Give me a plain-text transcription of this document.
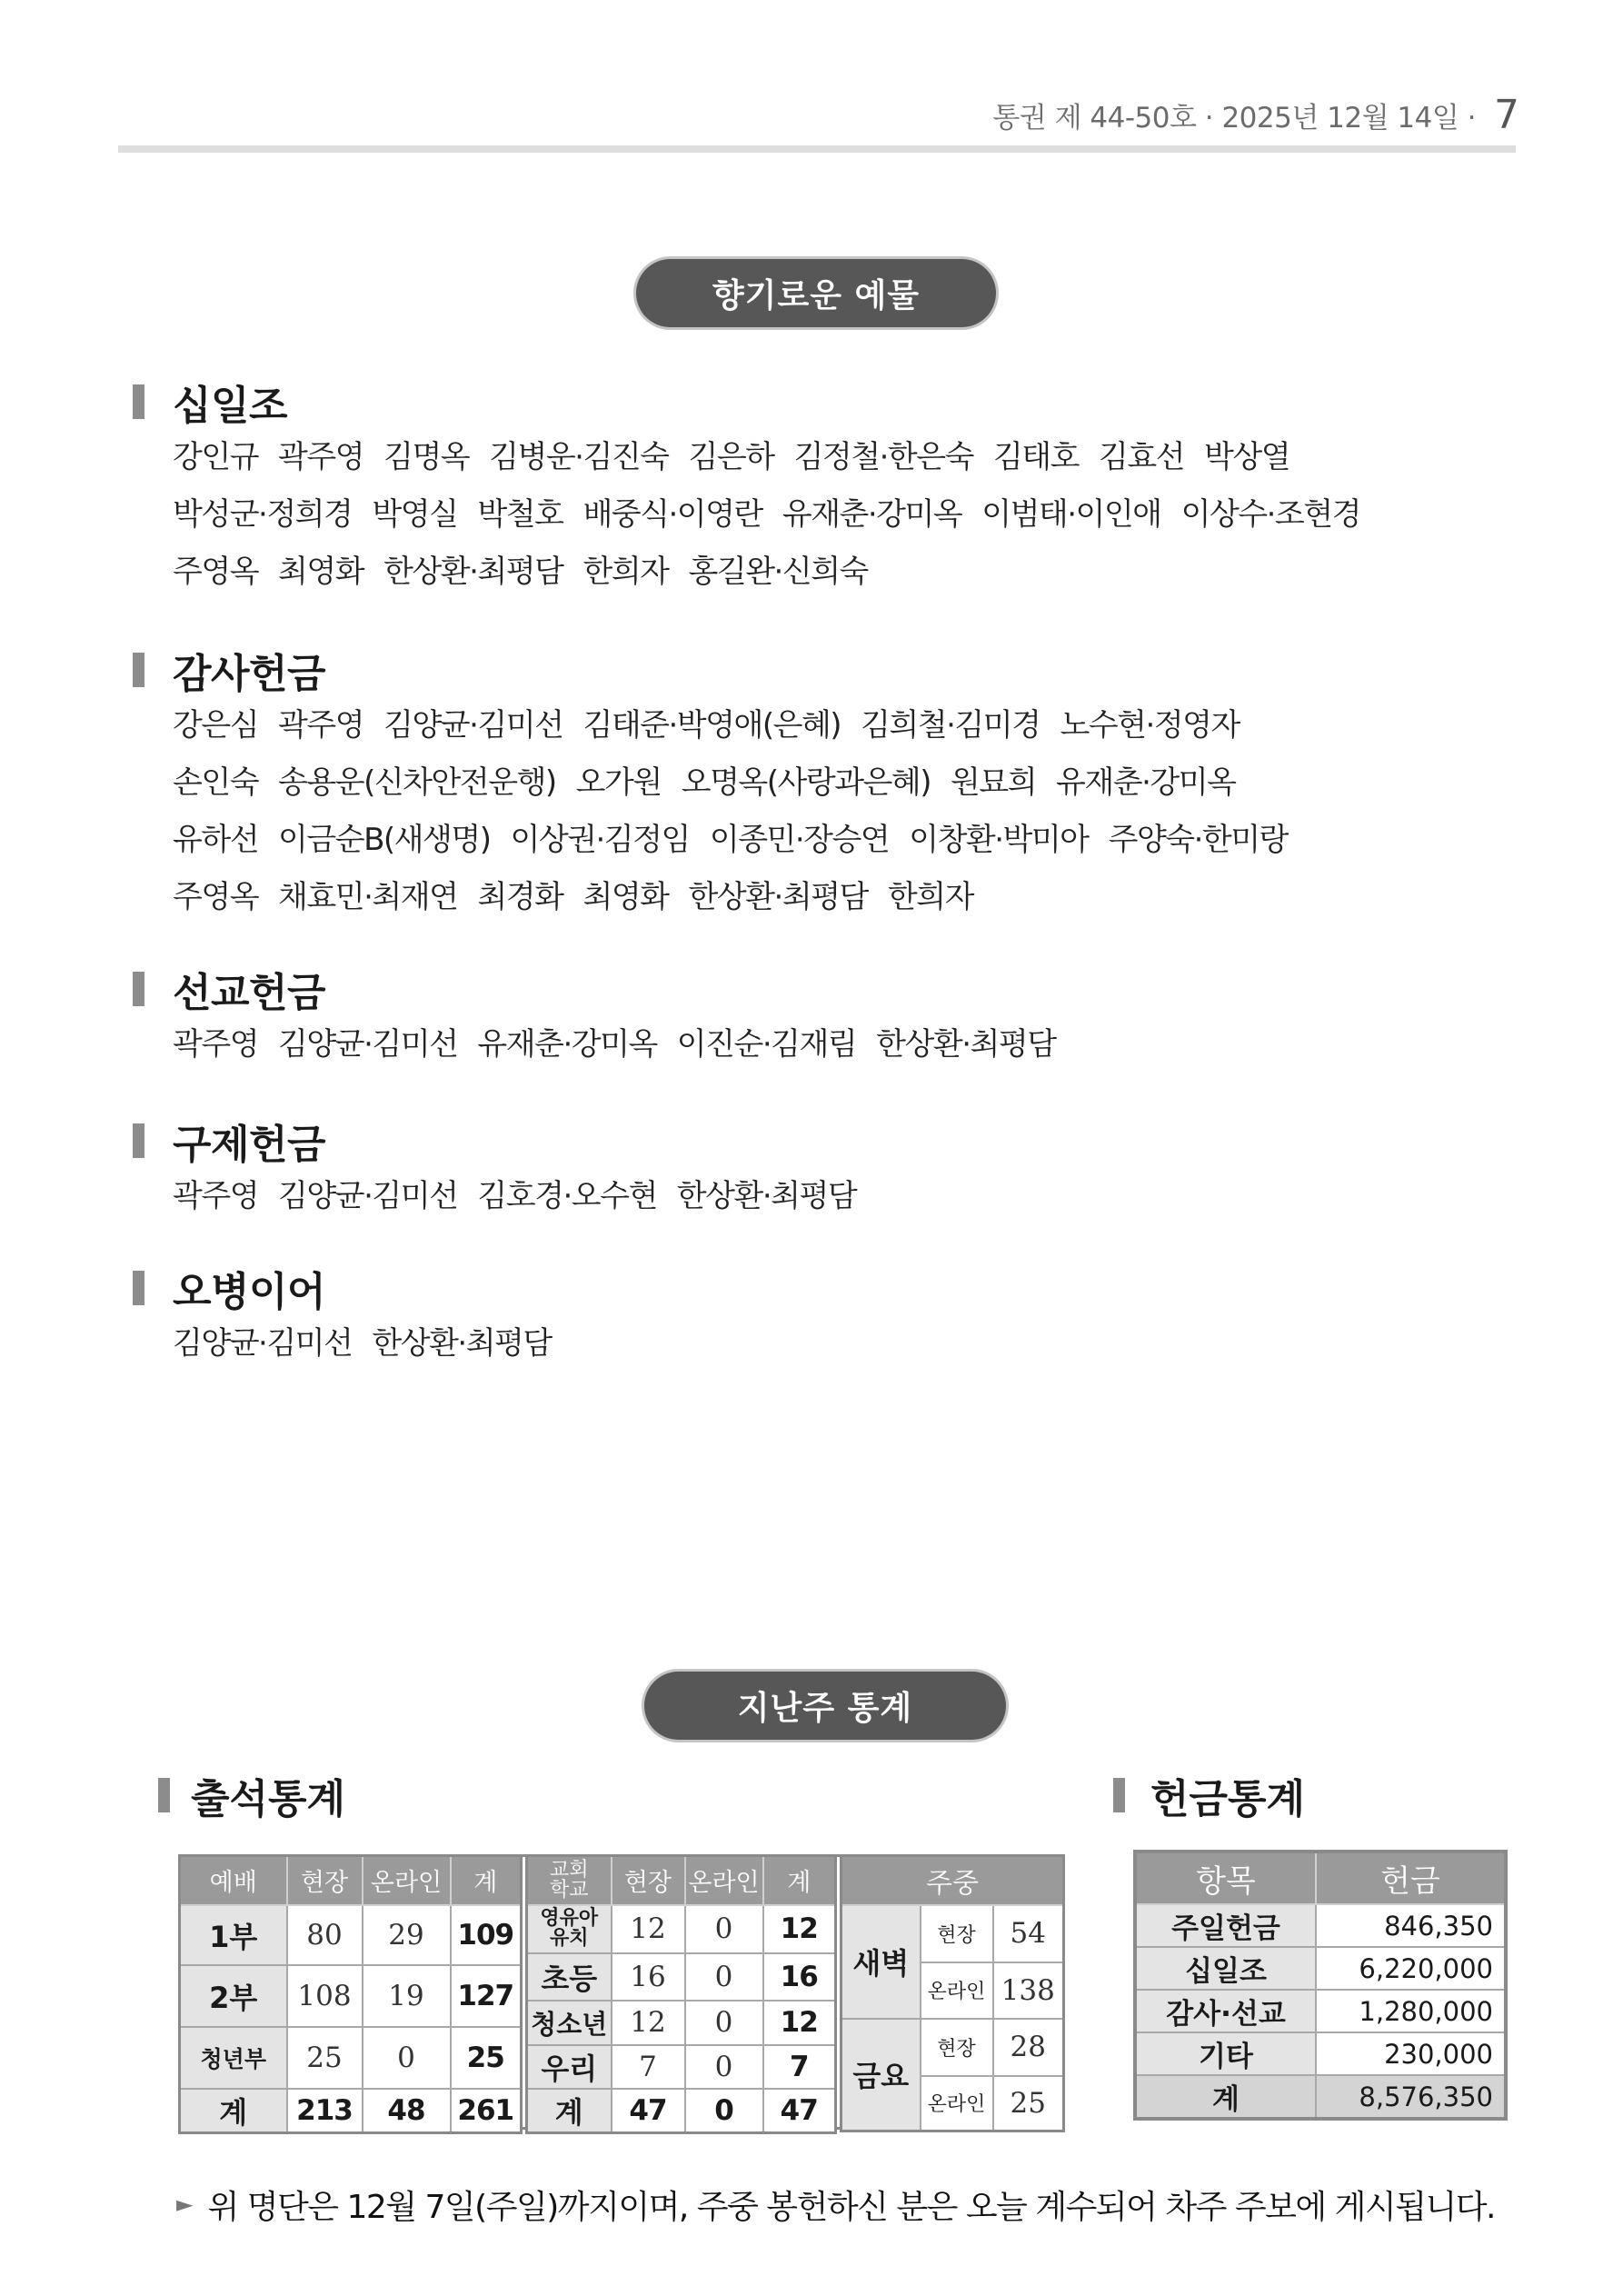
통권 제 44-50호 · 2025년 12월 14일 · 7
향기로운 예물
십일조
강인규 곽주영 김명옥 김병운·김진숙 김은하 김정철·한은숙 김태호 김효선 박상열
박성군·정희경 박영실 박철호 배중식·이영란 유재춘·강미옥 이범태·이인애 이상수·조현경
주영옥 최영화 한상환·최평담 한희자 홍길완·신희숙
감사헌금
강은심 곽주영 김양균·김미선 김태준·박영애(은혜) 김희철·김미경 노수현·정영자
손인숙 송용운(신차안전운행) 오가원 오명옥(사랑과은혜) 원묘희 유재춘·강미옥
유하선 이금순B(새생명) 이상권·김정임 이종민·장승연 이창환·박미아 주양숙·한미랑
주영옥 채효민·최재연 최경화 최영화 한상환·최평담 한희자
선교헌금
곽주영 김양균·김미선 유재춘·강미옥 이진순·김재림 한상환·최평담
구제헌금
곽주영 김양균·김미선 김호경·오수현 한상환·최평담
오병이어
김양균·김미선 한상환·최평담
지난주 통계
출석통계	헌금통계
예배	현장	온라인	계
1부	80	29	109
2부	108	19	127
청년부	25	0	25
계	213	48	261
교회
학교	현장	온라인	계
영유아
유치	12	0	12
초등	16	0	16
청소년	12	0	12
우리	7	0	7
계	47	0	47
주중		
새벽	현장	54
	온라인	138
금요	현장	28
	온라인	25
항목	헌금
주일헌금	846,350
십일조	6,220,000
감사·선교	1,280,000
기타	230,000
계	8,576,350
► 위 명단은 12월 7일(주일)까지이며, 주중 봉헌하신 분은 오늘 계수되어 차주 주보에 게시됩니다.
